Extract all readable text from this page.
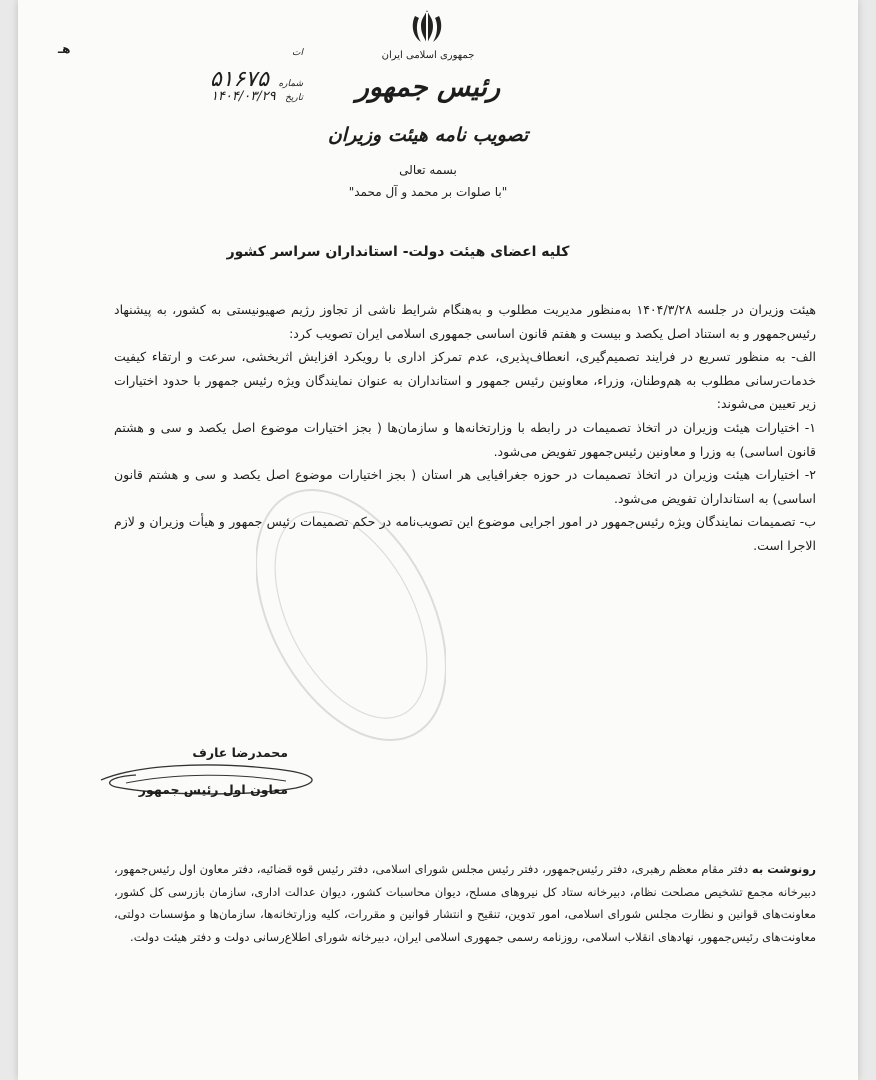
جمهوری اسلامی ایران
رئیس جمهور
تصویب نامه هیئت وزیران
بسمه تعالی
"با صلوات بر محمد و آل محمد"
هـ	ات
شماره ۵۱۶۷۵
تاریخ ۱۴۰۴/۰۳/۲۹
کلیه اعضای هیئت دولت- استانداران سراسر کشور

هیئت وزیران در جلسه ۱۴۰۴/۳/۲۸ به‌منظور مدیریت مطلوب و به‌هنگام شرایط ناشی از تجاوز رژیم صهیونیستی به کشور، به پیشنهاد رئیس‌جمهور و به استناد اصل یکصد و بیست و هفتم قانون اساسی جمهوری اسلامی ایران تصویب کرد:

الف- به منظور تسریع در فرایند تصمیم‌گیری، انعطاف‌پذیری، عدم تمرکز اداری با رویکرد افزایش اثربخشی، سرعت و ارتقاء کیفیت خدمات‌رسانی مطلوب به هم‌وطنان، وزراء، معاونین رئیس جمهور و استانداران به عنوان نمایندگان ویژه رئیس جمهور با حدود اختیارات زیر تعیین می‌شوند:

۱- اختیارات هیئت وزیران در اتخاذ تصمیمات در رابطه با وزارتخانه‌ها و سازمان‌ها ( بجز اختیارات موضوع اصل یکصد و سی و هشتم قانون اساسی) به وزرا و معاونین رئیس‌جمهور تفویض می‌شود.

۲- اختیارات هیئت وزیران در اتخاذ تصمیمات در حوزه جغرافیایی هر استان ( بجز اختیارات موضوع اصل یکصد و سی و هشتم قانون اساسی) به استانداران تفویض می‌شود.

ب- تصمیمات نمایندگان ویژه رئیس‌جمهور در امور اجرایی موضوع این تصویب‌نامه در حکم تصمیمات رئیس جمهور و هیأت وزیران و لازم الاجرا است.

محمدرضا عارف
معاون اول رئیس جمهور

رونوشت به دفتر مقام معظم رهبری، دفتر رئیس‌جمهور، دفتر رئیس مجلس شورای اسلامی، دفتر رئیس قوه قضائیه، دفتر معاون اول رئیس‌جمهور، دبیرخانه مجمع تشخیص مصلحت نظام، دبیرخانه ستاد کل نیروهای مسلح، دیوان محاسبات کشور، دیوان عدالت اداری، سازمان بازرسی کل کشور، معاونت‌های قوانین و نظارت مجلس شورای اسلامی، امور تدوین، تنقیح و انتشار قوانین و مقررات، کلیه وزارتخانه‌ها، سازمان‌ها و مؤسسات دولتی، معاونت‌های رئیس‌جمهور، نهادهای انقلاب اسلامی، روزنامه رسمی جمهوری اسلامی ایران، دبیرخانه شورای اطلاع‌رسانی دولت و دفتر هیئت دولت.
